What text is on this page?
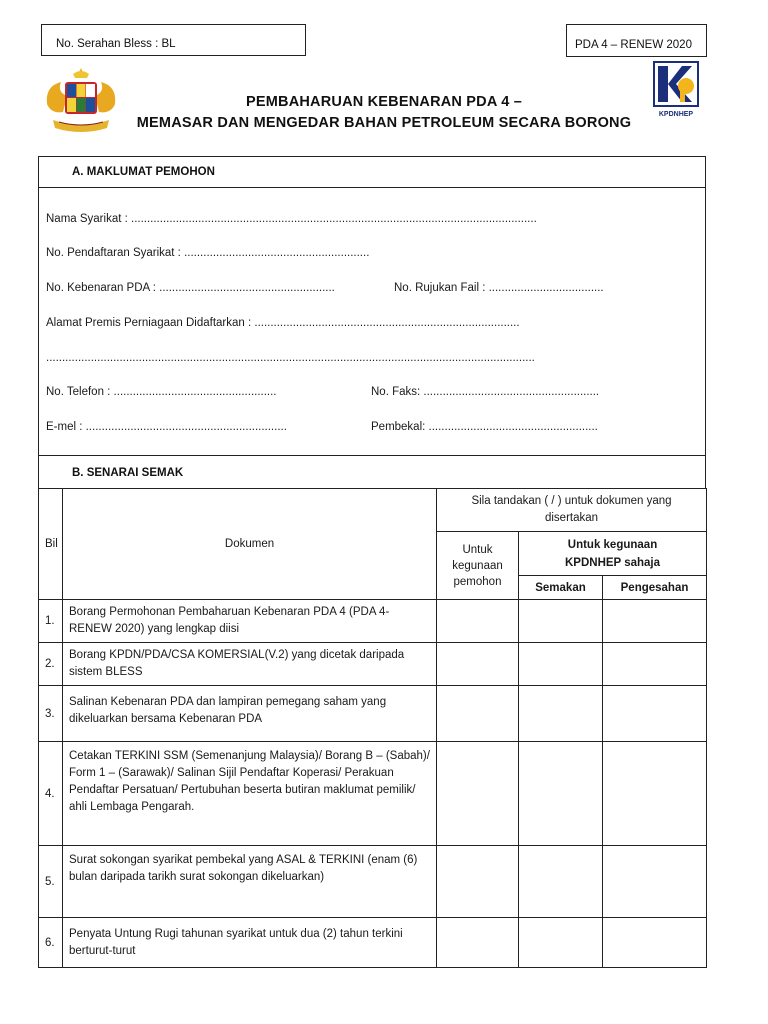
No. Serahan Bless : BL	PDA 4 – RENEW 2020
KPDNHEP
PEMBAHARUAN KEBENARAN PDA 4 –
MEMASAR DAN MENGEDAR BAHAN PETROLEUM SECARA BORONG
A. MAKLUMAT PEMOHON
Nama Syarikat : ...............................................................................................................................
No. Pendaftaran Syarikat : ..........................................................
No. Kebenaran PDA : .......................................................	No. Rujukan Fail : ....................................
Alamat Premis Perniagaan Didaftarkan : ...................................................................................
.........................................................................................................................................................
No. Telefon : ...................................................	No. Faks: .......................................................
E-mel : ...............................................................	Pembekal: .....................................................
B. SENARAI SEMAK
Bil	Dokumen	Sila tandakan ( / ) untuk dokumen yang disertakan		
		Untuk kegunaan pemohon	Untuk kegunaan KPDNHEP sahaja	
			Semakan	Pengesahan
1.	Borang Permohonan Pembaharuan Kebenaran PDA 4 (PDA 4- RENEW 2020) yang lengkap diisi			
2.	Borang KPDN/PDA/CSA KOMERSIAL(V.2) yang dicetak daripada sistem BLESS			
3.	Salinan Kebenaran PDA dan lampiran pemegang saham yang dikeluarkan bersama Kebenaran PDA			
4.	Cetakan TERKINI SSM (Semenanjung Malaysia)/ Borang B – (Sabah)/ Form 1 – (Sarawak)/ Salinan Sijil Pendaftar Koperasi/ Perakuan Pendaftar Persatuan/ Pertubuhan beserta butiran maklumat pemilik/ ahli Lembaga Pengarah.			
5.	Surat sokongan syarikat pembekal yang ASAL & TERKINI (enam (6) bulan daripada tarikh surat sokongan dikeluarkan)			
6.	Penyata Untung Rugi tahunan syarikat untuk dua (2) tahun terkini berturut-turut			
